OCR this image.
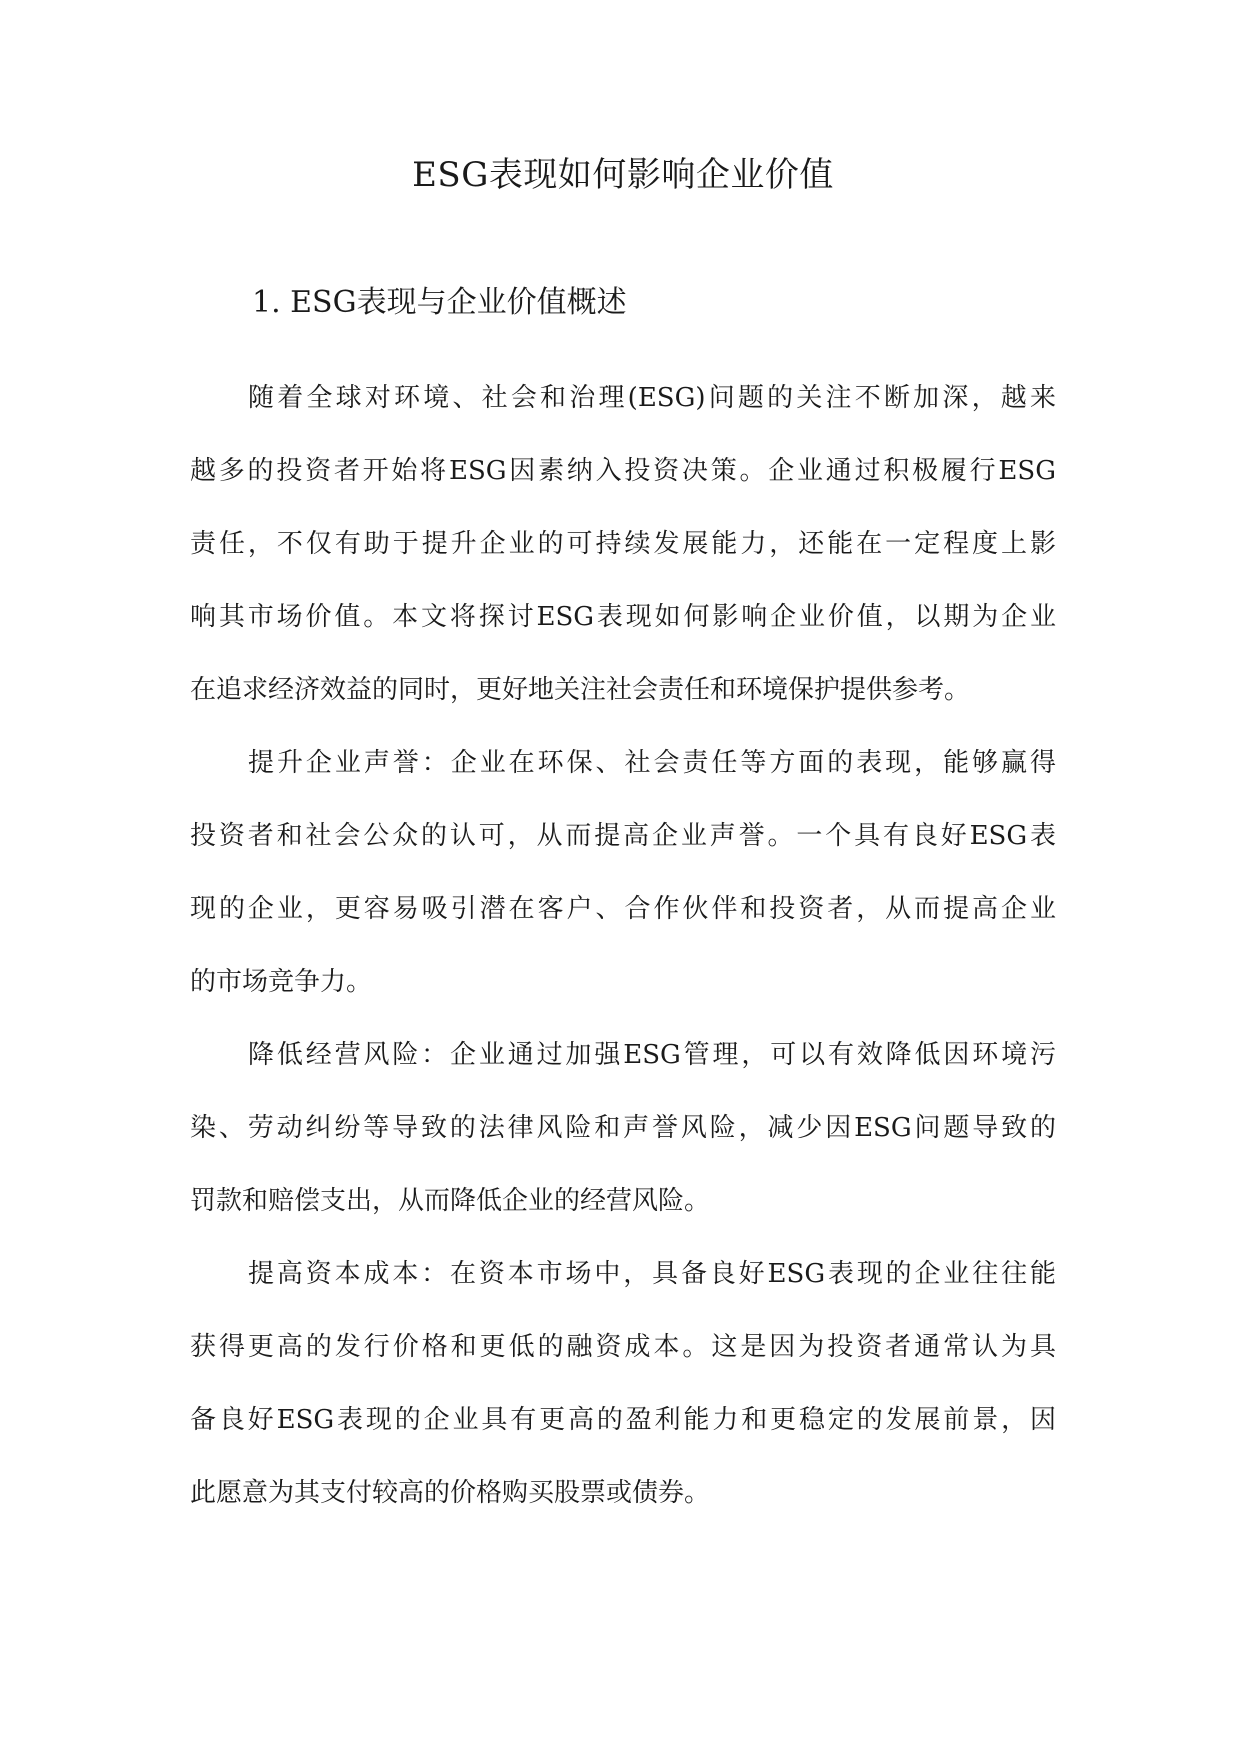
ESG表现如何影响企业价值
1. ESG表现与企业价值概述

随着全球对环境、社会和治理(ESG)问题的关注不断加深，越来
越多的投资者开始将ESG因素纳入投资决策。企业通过积极履行ESG
责任，不仅有助于提升企业的可持续发展能力，还能在一定程度上影
响其市场价值。本文将探讨ESG表现如何影响企业价值，以期为企业
在追求经济效益的同时，更好地关注社会责任和环境保护提供参考。

提升企业声誉：企业在环保、社会责任等方面的表现，能够赢得
投资者和社会公众的认可，从而提高企业声誉。一个具有良好ESG表
现的企业，更容易吸引潜在客户、合作伙伴和投资者，从而提高企业
的市场竞争力。

降低经营风险：企业通过加强ESG管理，可以有效降低因环境污
染、劳动纠纷等导致的法律风险和声誉风险，减少因ESG问题导致的
罚款和赔偿支出，从而降低企业的经营风险。

提高资本成本：在资本市场中，具备良好ESG表现的企业往往能
获得更高的发行价格和更低的融资成本。这是因为投资者通常认为具
备良好ESG表现的企业具有更高的盈利能力和更稳定的发展前景，因
此愿意为其支付较高的价格购买股票或债券。
